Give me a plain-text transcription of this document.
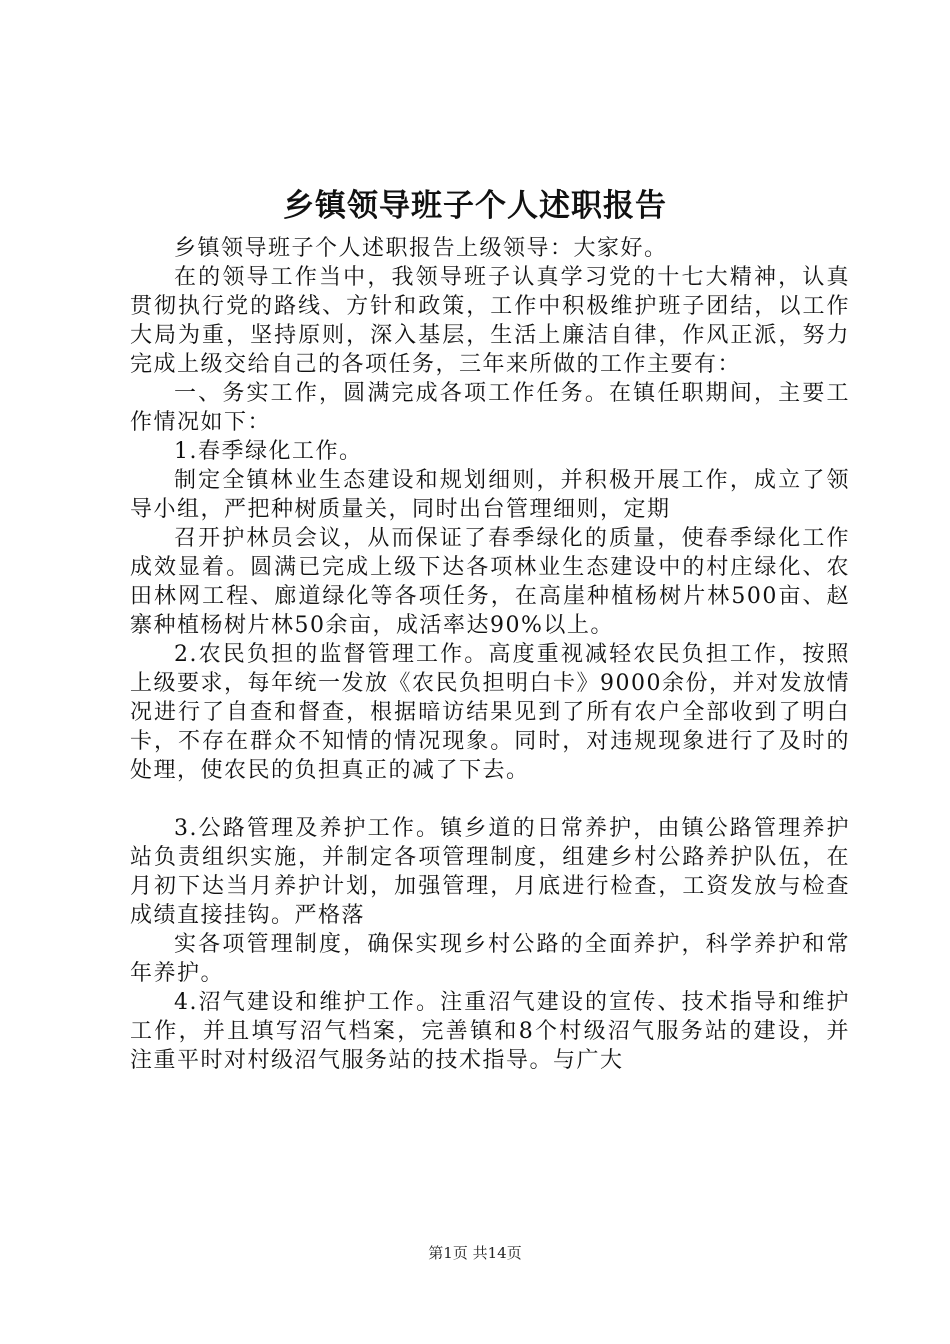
乡镇领导班子个人述职报告

乡镇领导班子个人述职报告上级领导：大家好。

在的领导工作当中，我领导班子认真学习党的十七大精神，认真贯彻执行党的路线、方针和政策，工作中积极维护班子团结，以工作大局为重，坚持原则，深入基层，生活上廉洁自律，作风正派，努力完成上级交给自己的各项任务，三年来所做的工作主要有：

一、务实工作，圆满完成各项工作任务。在镇任职期间，主要工作情况如下：

1.春季绿化工作。

制定全镇林业生态建设和规划细则，并积极开展工作，成立了领导小组，严把种树质量关，同时出台管理细则，定期

召开护林员会议，从而保证了春季绿化的质量，使春季绿化工作成效显着。圆满已完成上级下达各项林业生态建设中的村庄绿化、农田林网工程、廊道绿化等各项任务，在高崖种植杨树片林500亩、赵寨种植杨树片林50余亩，成活率达90%以上。

2.农民负担的监督管理工作。高度重视减轻农民负担工作，按照上级要求，每年统一发放《农民负担明白卡》9000余份，并对发放情况进行了自查和督查，根据暗访结果见到了所有农户全部收到了明白卡，不存在群众不知情的情况现象。同时，对违规现象进行了及时的处理，使农民的负担真正的减了下去。

3.公路管理及养护工作。镇乡道的日常养护，由镇公路管理养护站负责组织实施，并制定各项管理制度，组建乡村公路养护队伍，在月初下达当月养护计划，加强管理，月底进行检查，工资发放与检查成绩直接挂钩。严格落

实各项管理制度，确保实现乡村公路的全面养护，科学养护和常年养护。

4.沼气建设和维护工作。注重沼气建设的宣传、技术指导和维护工作，并且填写沼气档案，完善镇和8个村级沼气服务站的建设，并注重平时对村级沼气服务站的技术指导。与广大

第1页 共14页
